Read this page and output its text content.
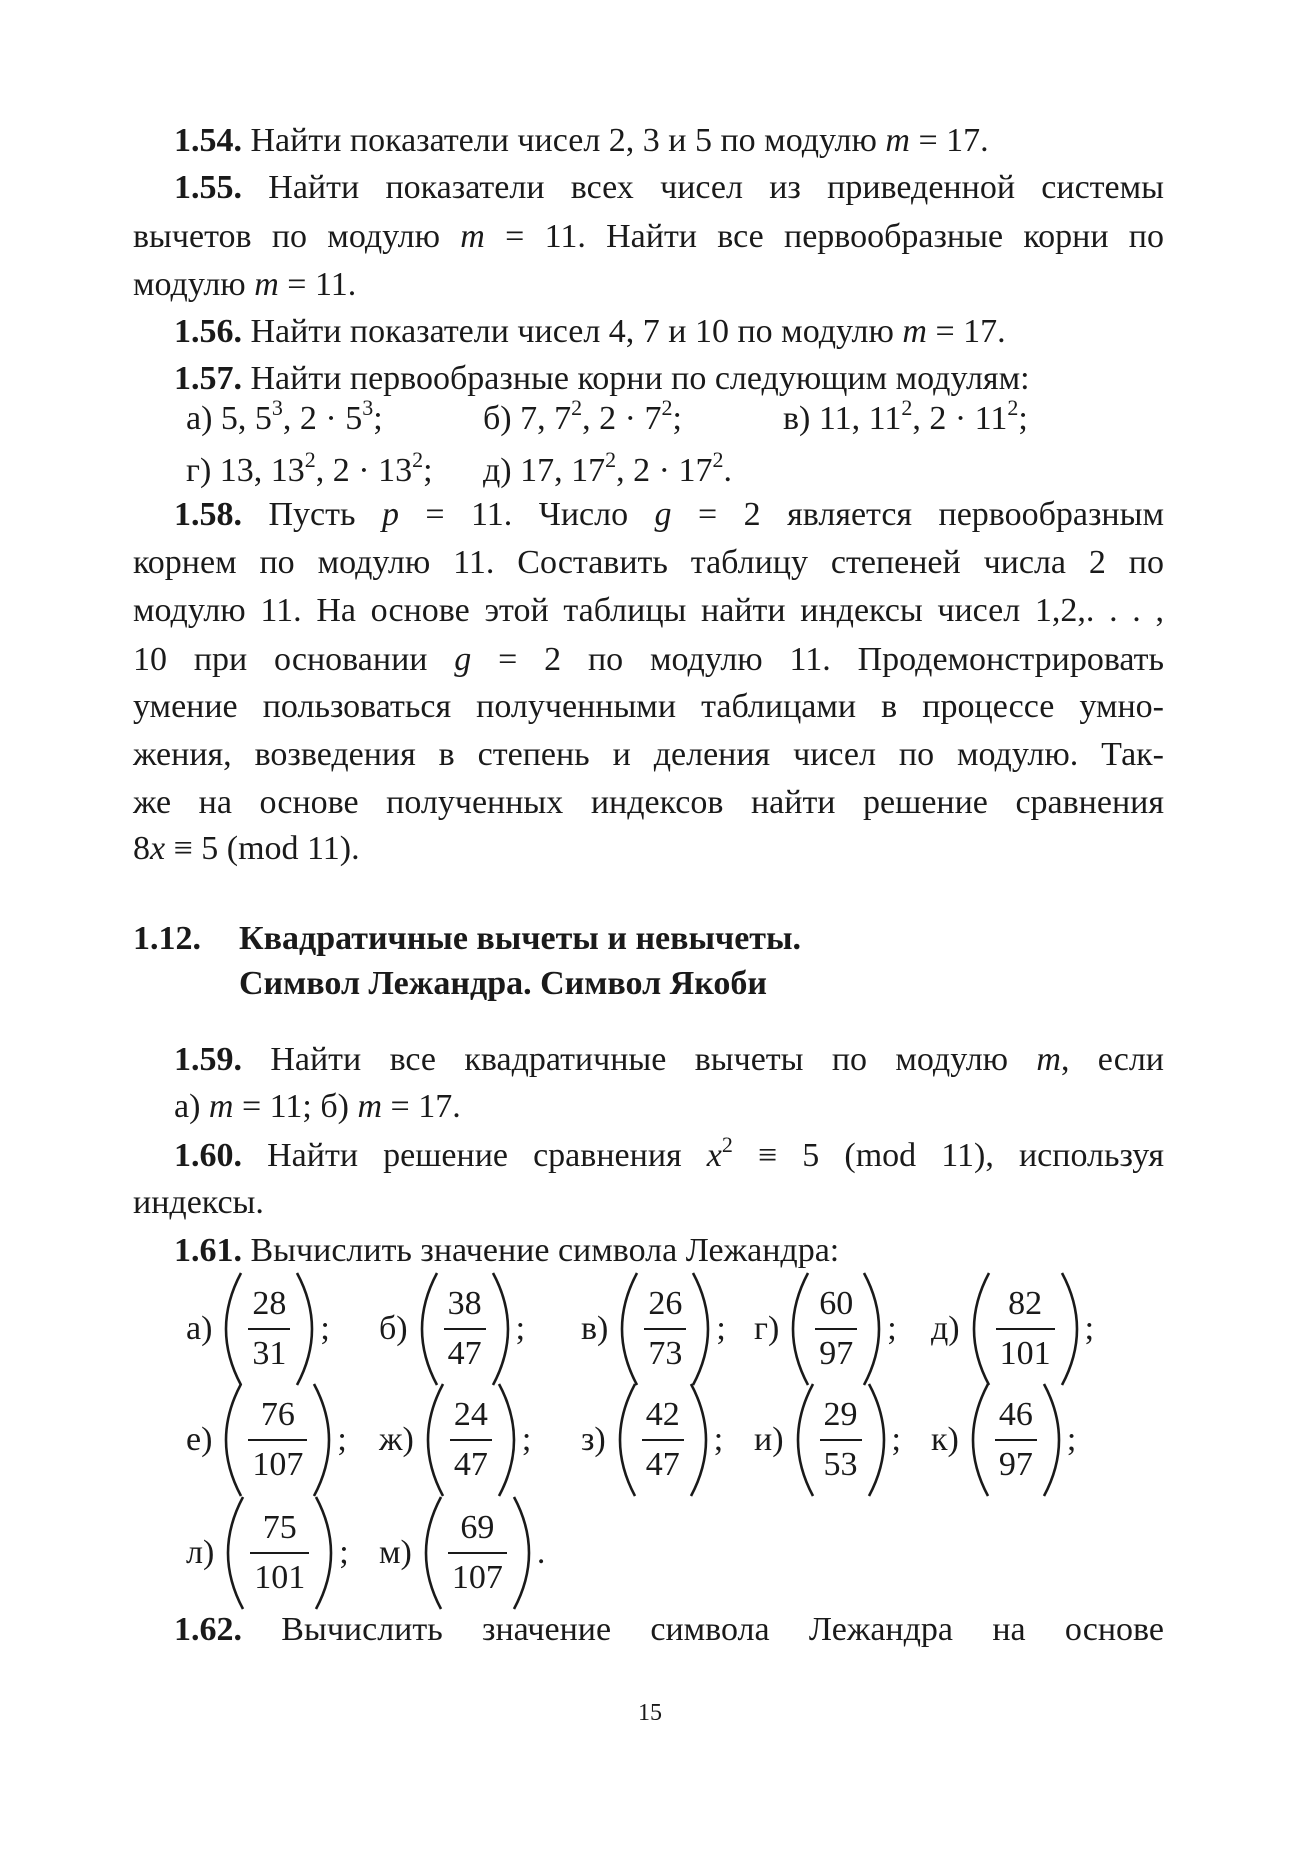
1.54. Найти показатели чисел 2, 3 и 5 по модулю m = 17.
1.55. Найти показатели всех чисел из приведенной системы
вычетов по модулю m = 11. Найти все первообразные корни по
модулю m = 11.
1.56. Найти показатели чисел 4, 7 и 10 по модулю m = 17.
1.57. Найти первообразные корни по следующим модулям:
а) 5, $5^3$, $2 \cdot 5^3$;	б) 7, $7^2$, $2 \cdot 7^2$;	в) 11, $11^2$, $2 \cdot 11^2$;
г) 13, $13^2$, $2 \cdot 13^2$; д) 17, $17^2$, $2 \cdot 17^2$.
1.58. Пусть p = 11. Число g = 2 является первообразным
корнем по модулю 11. Составить таблицу степеней числа 2 по
модулю 11. На основе этой таблицы найти индексы чисел 1,2,. . . ,
10 при основании g = 2 по модулю 11. Продемонстрировать
умение пользоваться полученными таблицами в процессе умно-
жения, возведения в степень и деления чисел по модулю. Так-
же на основе полученных индексов найти решение сравнения
8x ≡ 5 (mod 11).
1.12. Квадратичные вычеты и невычеты.
Символ Лежандра. Символ Якоби
1.59. Найти все квадратичные вычеты по модулю m, если
а) m = 11; б) m = 17.
1.60. Найти решение сравнения $x^2 \equiv 5$ (mod 11), используя
индексы.
1.61. Вычислить значение символа Лежандра:
а)
28
31
; б)
38
47
; в)
26
73
; г)
60
97
; д)
82
101
;
е)
76
107
; ж)
24
47
; з)
42
47
; и)
29
53
; к)
46
97
;
л)
75
101
; м)
69
107
.
1.62. Вычислить значение символа Лежандра на основе
15
